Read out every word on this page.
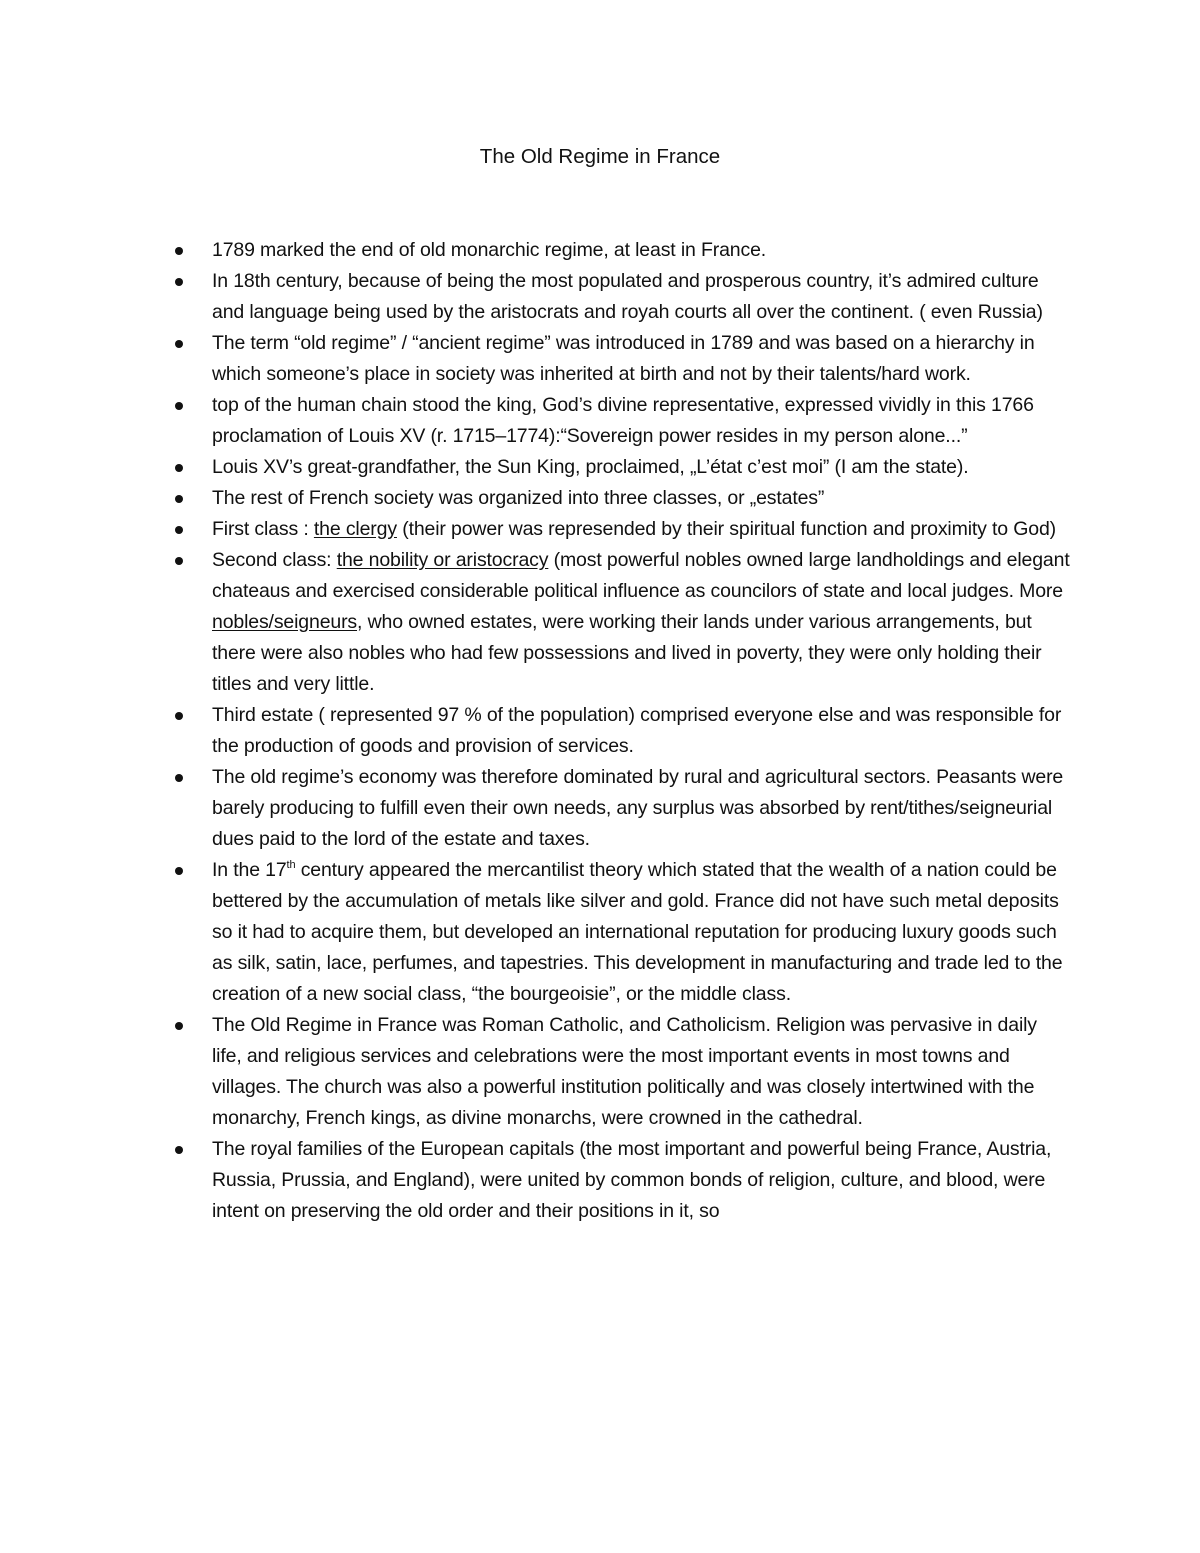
The Old Regime in France
1789 marked the end of old monarchic regime, at least in France.
In 18th century, because of being the most populated and prosperous country, it’s admired culture and language being used by the aristocrats and royah courts all over the continent. ( even Russia)
The term “old regime” / “ancient regime” was introduced in 1789 and was based on a hierarchy in which someone’s place in society was inherited at birth and not by their talents/hard work.
top of the human chain stood the king, God’s divine representative, expressed vividly in this 1766 proclamation of Louis XV (r. 1715–1774):“Sovereign power resides in my person alone...”
Louis XV’s great-grandfather, the Sun King, proclaimed, „L’état c’est moi” (I am the state).
The rest of French society was organized into three classes, or „estates”
First class : the clergy (their power was represended by their spiritual function and proximity to God)
Second class: the nobility or aristocracy (most powerful nobles owned large landholdings and elegant chateaus and exercised considerable political influence as councilors of state and local judges. More nobles/seigneurs, who owned estates, were working their lands under various arrangements, but there were also nobles who had few possessions and lived in poverty, they were only holding their titles and very little.
Third estate ( represented 97 % of the population) comprised everyone else and was responsible for the production of goods and provision of services.
The old regime’s economy was therefore dominated by rural and agricultural sectors. Peasants were barely producing to fulfill even their own needs, any surplus was absorbed by rent/tithes/seigneurial dues paid to the lord of the estate and taxes.
In the 17th century appeared the mercantilist theory which stated that the wealth of a nation could be bettered by the accumulation of metals like silver and gold. France did not have such metal deposits so it had to acquire them, but developed an international reputation for producing luxury goods such as silk, satin, lace, perfumes, and tapestries. This development in manufacturing and trade led to the creation of a new social class, “the bourgeoisie”, or the middle class.
The Old Regime in France was Roman Catholic, and Catholicism. Religion was pervasive in daily life, and religious services and celebrations were the most important events in most towns and villages. The church was also a powerful institution politically and was closely intertwined with the monarchy, French kings, as divine monarchs, were crowned in the cathedral.
The royal families of the European capitals (the most important and powerful being France, Austria, Russia, Prussia, and England), were united by common bonds of religion, culture, and blood, were intent on preserving the old order and their positions in it, so
